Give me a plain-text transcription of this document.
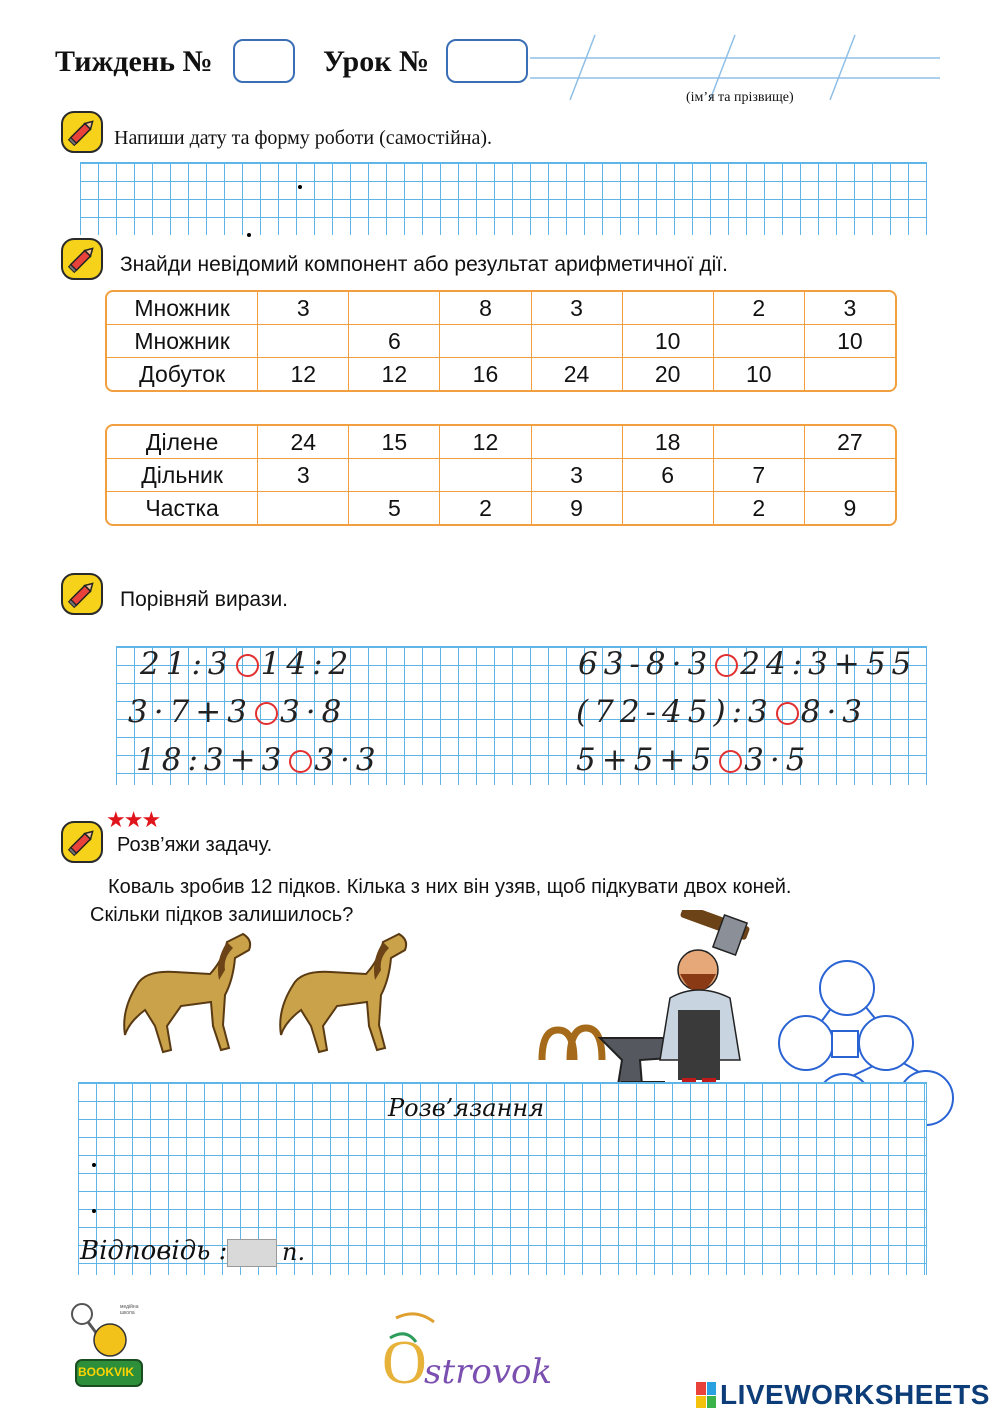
Тиждень №	Урок №
(ім’я та прізвище)
Напиши дату та форму роботи (самостійна).
Знайди невідомий компонент або результат арифметичної дії.
Множник	3		8	3		2	3
Множник		6			10		10
Добуток	12	12	16	24	20	10	
Ділене	24	15	12		18		27
Дільник	3			3	6	7	
Частка		5	2	9		2	9
Порівняй вирази.
21:3 14:2
3·7+3 3·8
18:3+3 3·3
63-8·3 24:3+55
(72-45):3 8·3
5+5+5 3·5
★★★
Розв’яжи задачу.
Коваль зробив 12 підков. Кілька з них він узяв, щоб підкувати двох коней.
Скільки підков залишилось?
Розв’язання
Відповідь : п.
BOOKVIK
медійна школа
O
strovok
LIVEWORKSHEETS
